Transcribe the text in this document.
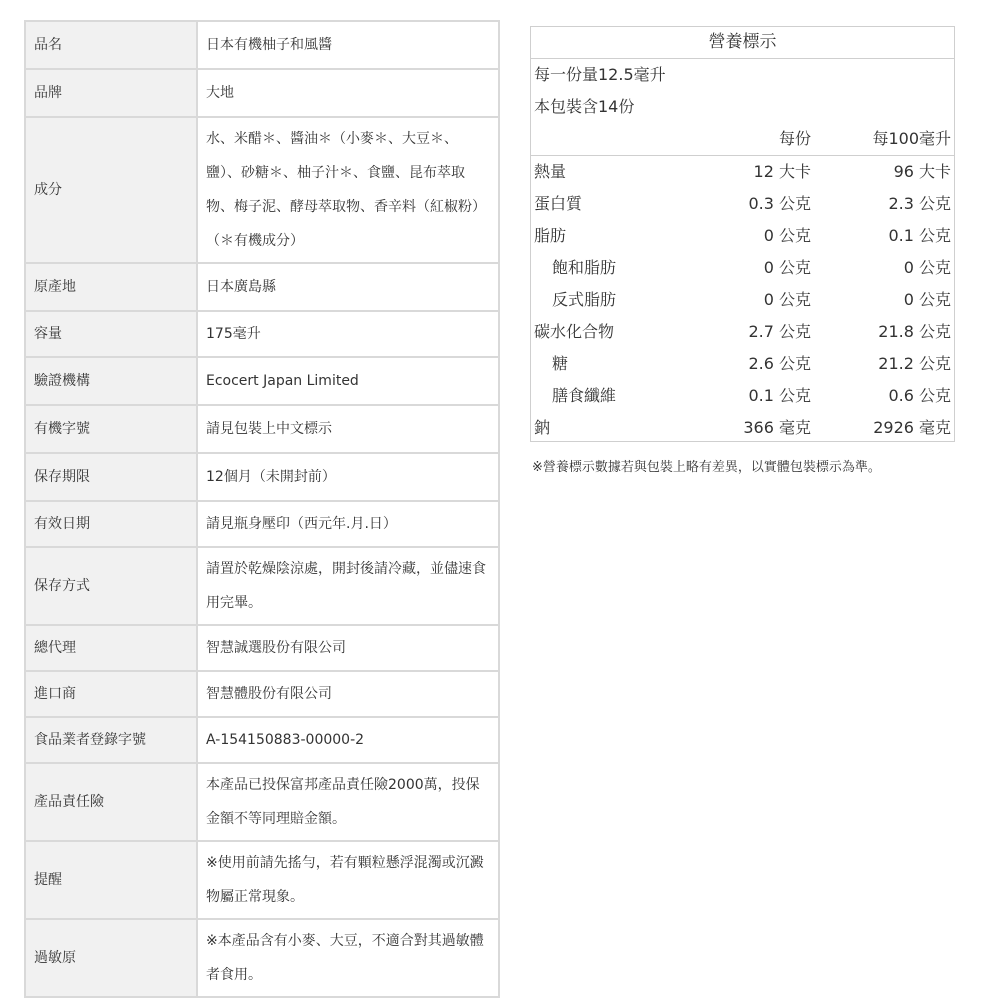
品名	日本有機柚子和風醬
品牌	大地
成分	水、米醋＊、醬油＊（小麥＊、大豆＊、鹽）、砂糖＊、柚子汁＊、食鹽、昆布萃取物、梅子泥、酵母萃取物、香辛料（紅椒粉）（＊有機成分）
原產地	日本廣島縣
容量	175毫升
驗證機構	Ecocert Japan Limited
有機字號	請見包裝上中文標示
保存期限	12個月（未開封前）
有效日期	請見瓶身壓印（西元年.月.日）
保存方式	請置於乾燥陰涼處，開封後請冷藏，並儘速食用完畢。
總代理	智慧誠選股份有限公司
進口商	智慧體股份有限公司
食品業者登錄字號	A-154150883-00000-2
產品責任險	本產品已投保富邦產品責任險2000萬，投保金額不等同理賠金額。
提醒	※使用前請先搖勻，若有顆粒懸浮混濁或沉澱物屬正常現象。
過敏原	※本產品含有小麥、大豆，不適合對其過敏體者食用。
營養標示		
每一份量12.5毫升		
本包裝含14份		
	每份	每100毫升
熱量	12 大卡	96 大卡
蛋白質	0.3 公克	2.3 公克
脂肪	0 公克	0.1 公克
飽和脂肪	0 公克	0 公克
反式脂肪	0 公克	0 公克
碳水化合物	2.7 公克	21.8 公克
糖	2.6 公克	21.2 公克
膳食纖維	0.1 公克	0.6 公克
鈉	366 毫克	2926 毫克
※營養標示數據若與包裝上略有差異，以實體包裝標示為準。
